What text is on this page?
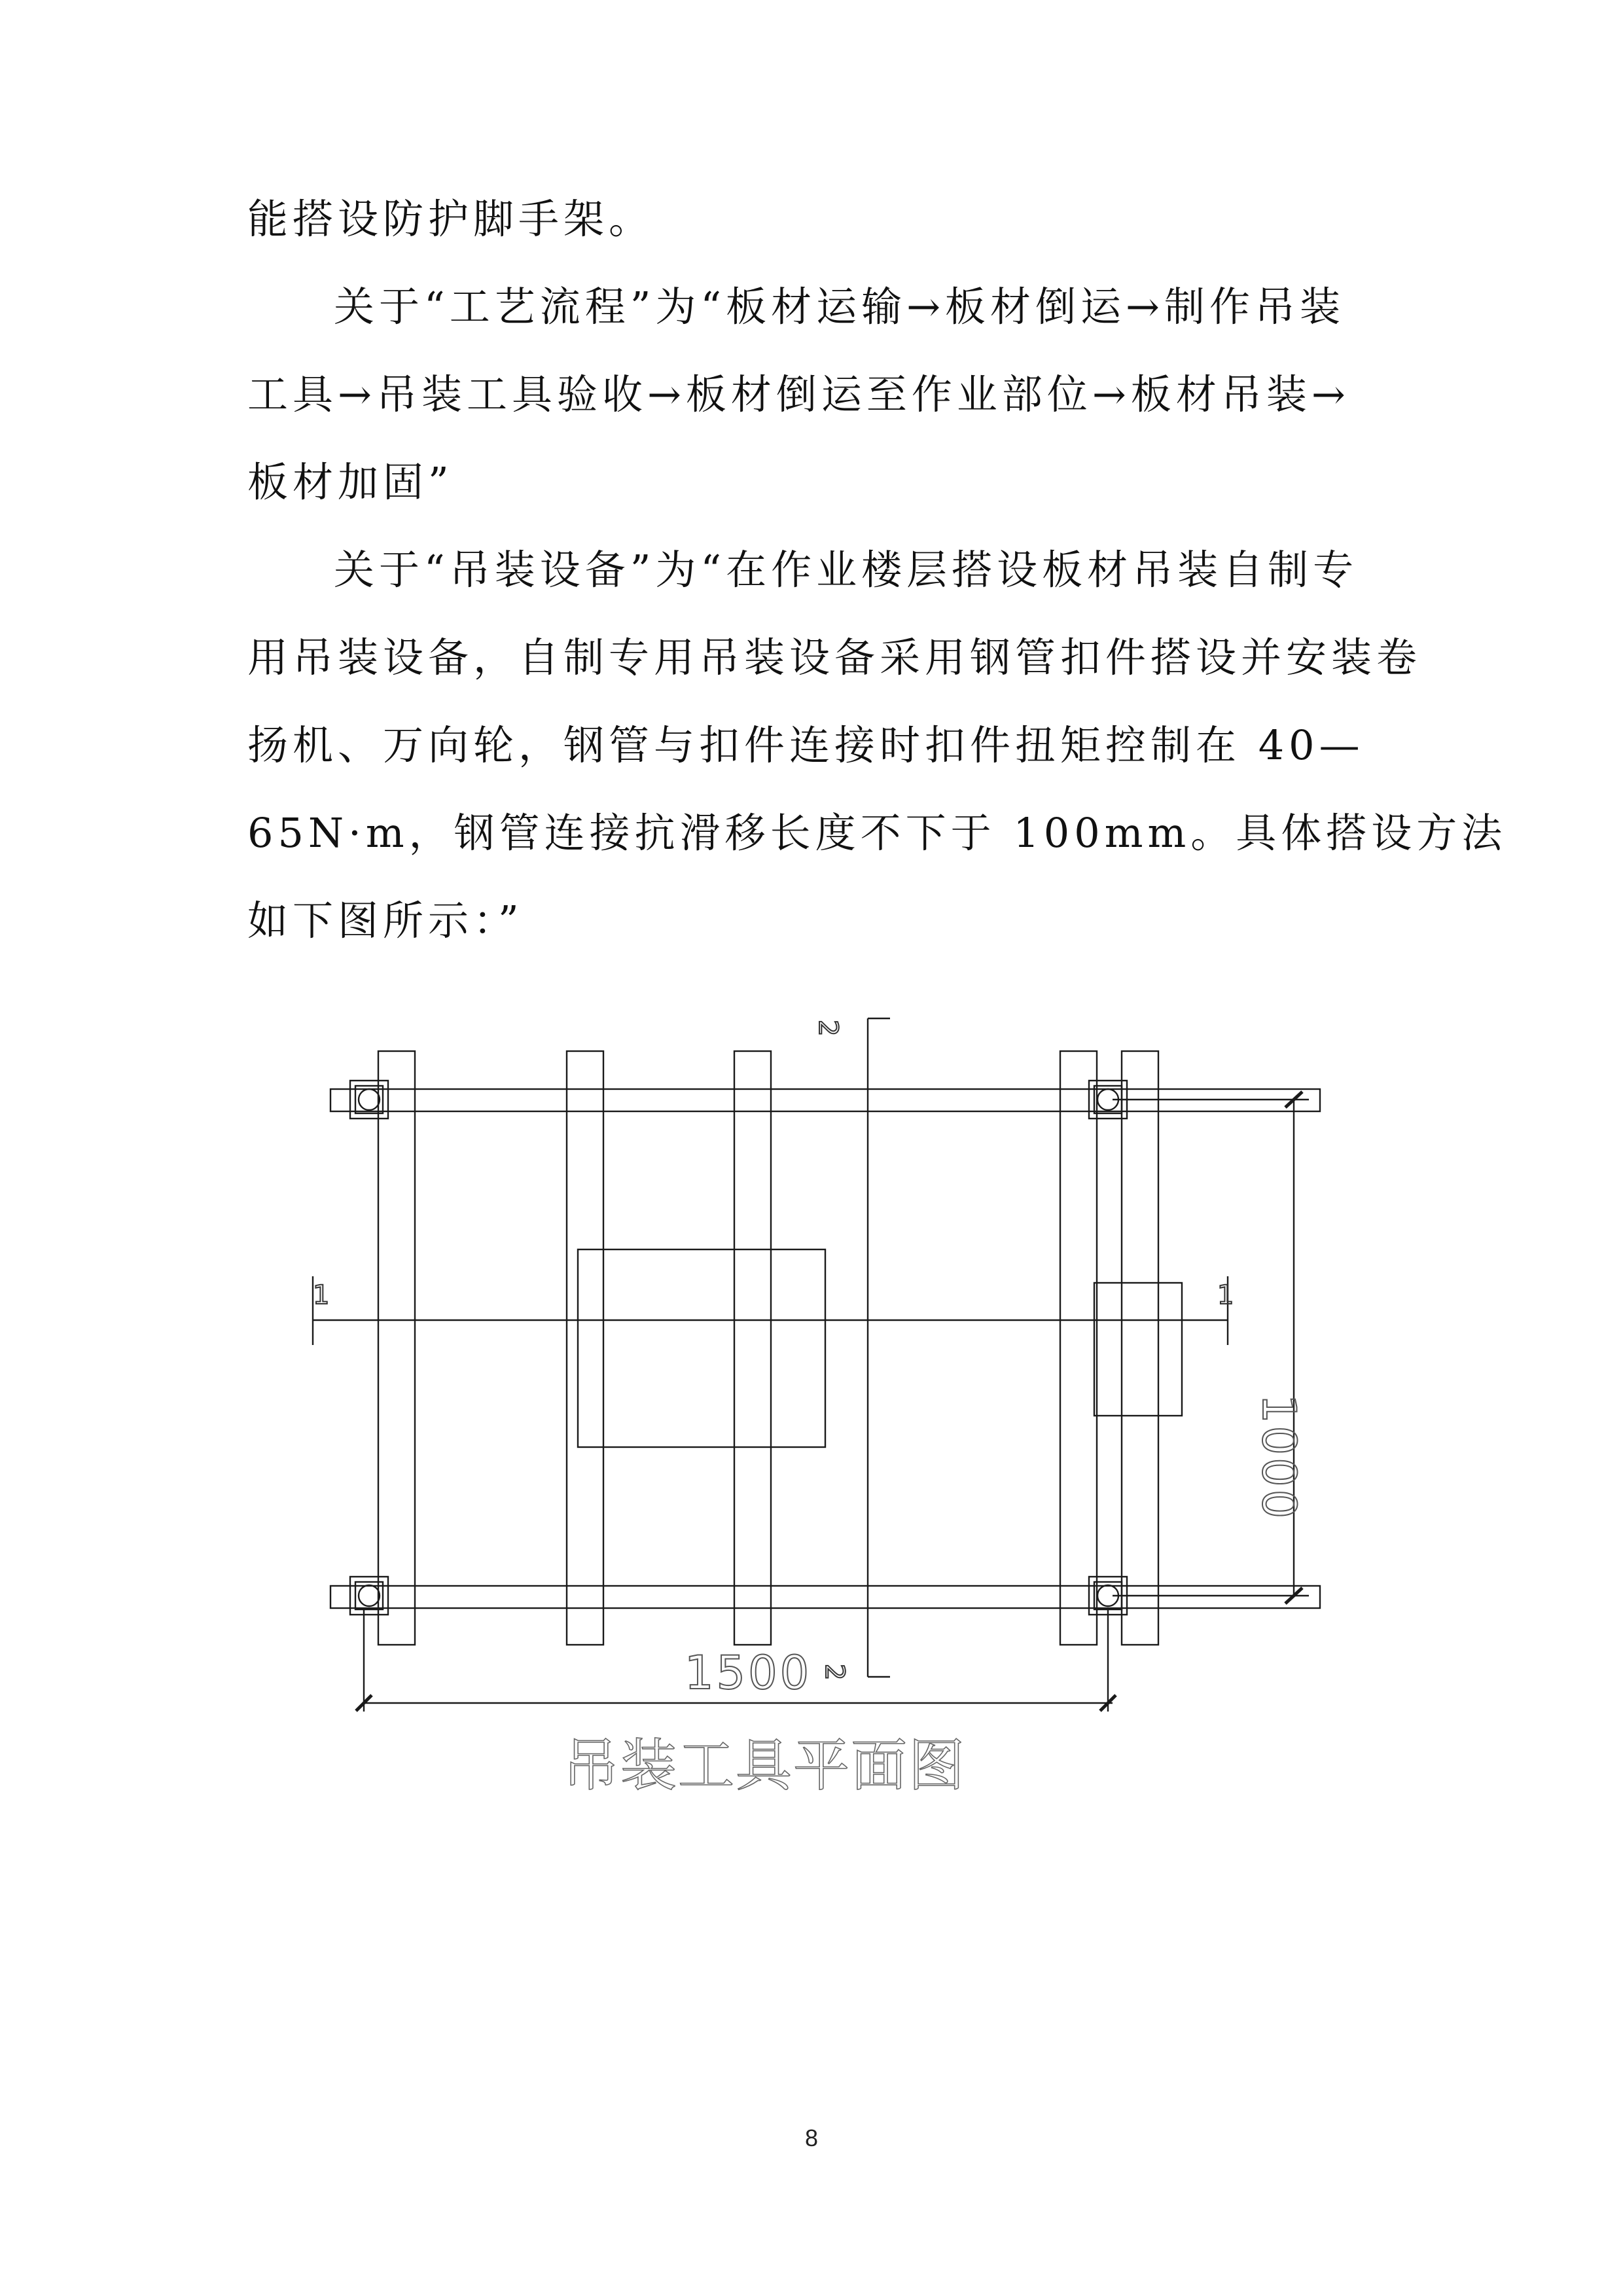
能搭设防护脚手架。
关于“工艺流程”为“板材运输→板材倒运→制作吊装
工具→吊装工具验收→板材倒运至作业部位→板材吊装→
板材加固”
关于“吊装设备”为“在作业楼层搭设板材吊装自制专
用吊装设备，自制专用吊装设备采用钢管扣件搭设并安装卷
扬机、万向轮，钢管与扣件连接时扣件扭矩控制在 40—
65N·m，钢管连接抗滑移长度不下于 100mm。具体搭设方法
如下图所示：”
2
2
1	1
1000
1500
吊装工具平面图
8
